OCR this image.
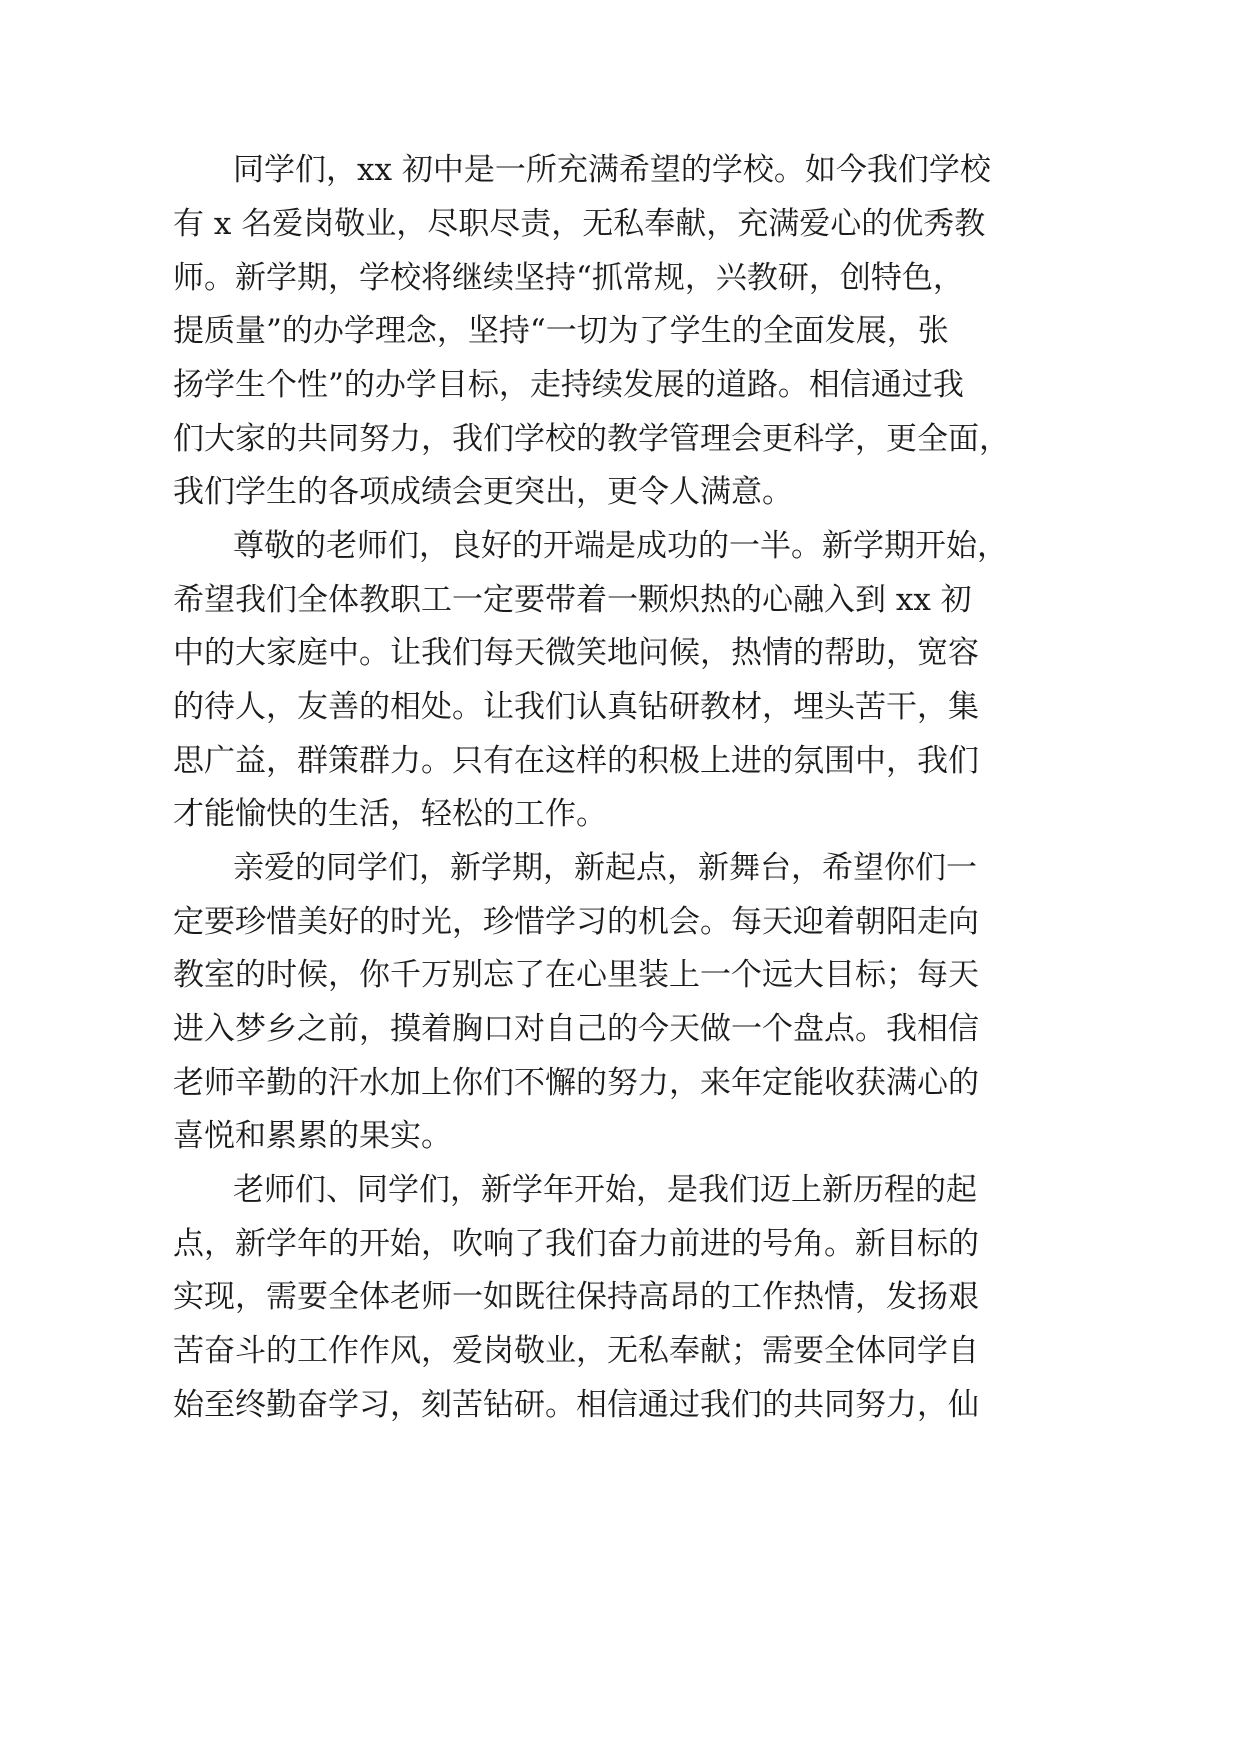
同学们，xx 初中是一所充满希望的学校。如今我们学校
有 x 名爱岗敬业，尽职尽责，无私奉献，充满爱心的优秀教
师。新学期，学校将继续坚持“抓常规，兴教研，创特色，
提质量”的办学理念，坚持“一切为了学生的全面发展，张
扬学生个性”的办学目标，走持续发展的道路。相信通过我
们大家的共同努力，我们学校的教学管理会更科学，更全面，
我们学生的各项成绩会更突出，更令人满意。
尊敬的老师们，良好的开端是成功的一半。新学期开始，
希望我们全体教职工一定要带着一颗炽热的心融入到 xx 初
中的大家庭中。让我们每天微笑地问候，热情的帮助，宽容
的待人，友善的相处。让我们认真钻研教材，埋头苦干，集
思广益，群策群力。只有在这样的积极上进的氛围中，我们
才能愉快的生活，轻松的工作。
亲爱的同学们，新学期，新起点，新舞台，希望你们一
定要珍惜美好的时光，珍惜学习的机会。每天迎着朝阳走向
教室的时候，你千万别忘了在心里装上一个远大目标；每天
进入梦乡之前，摸着胸口对自己的今天做一个盘点。我相信
老师辛勤的汗水加上你们不懈的努力，来年定能收获满心的
喜悦和累累的果实。
老师们、同学们，新学年开始，是我们迈上新历程的起
点，新学年的开始，吹响了我们奋力前进的号角。新目标的
实现，需要全体老师一如既往保持高昂的工作热情，发扬艰
苦奋斗的工作作风，爱岗敬业，无私奉献；需要全体同学自
始至终勤奋学习，刻苦钻研。相信通过我们的共同努力，仙
